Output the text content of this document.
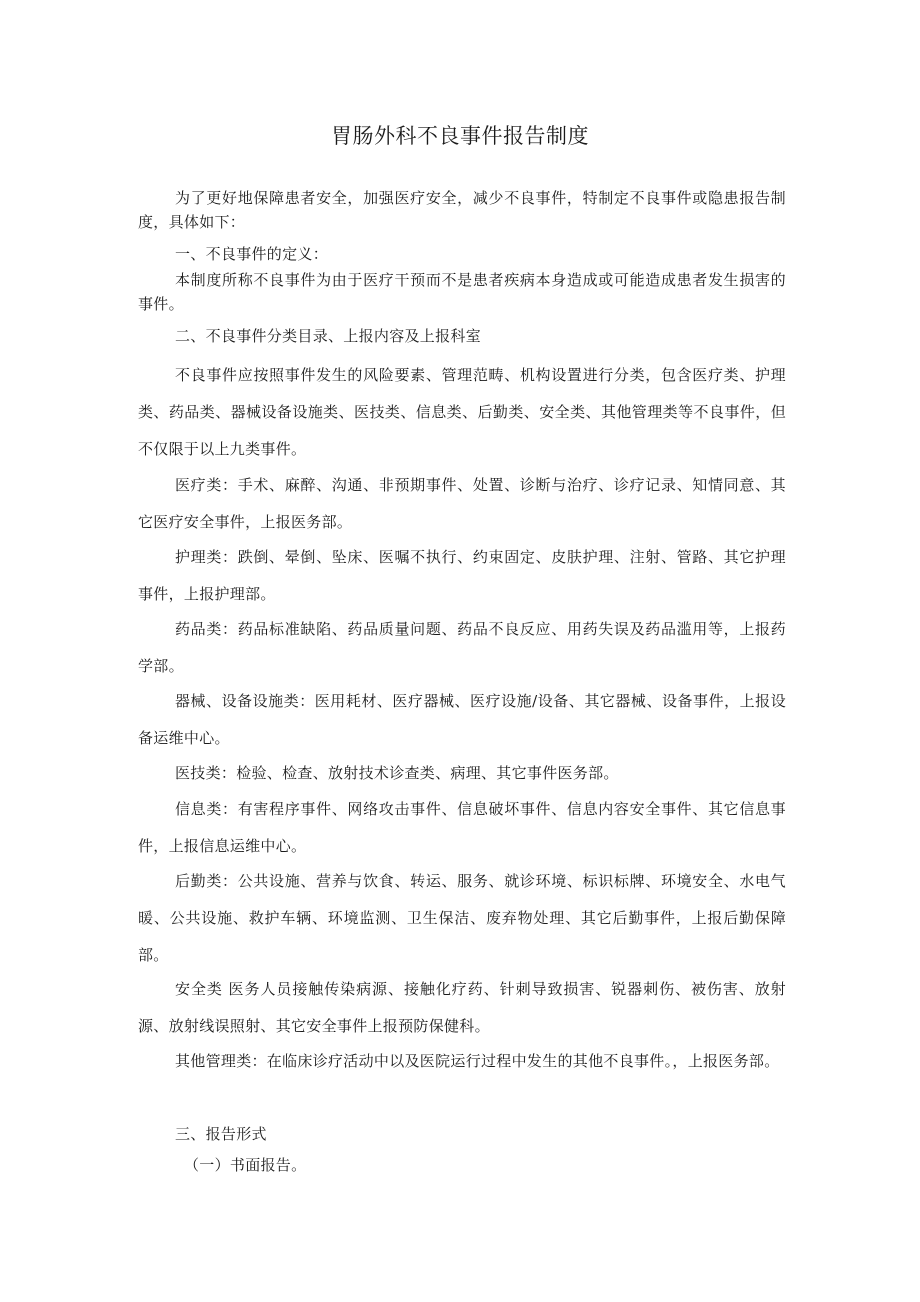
胃肠外科不良事件报告制度
为了更好地保障患者安全，加强医疗安全，减少不良事件，特制定不良事件或隐患报告制度，具体如下：
一、不良事件的定义：
本制度所称不良事件为由于医疗干预而不是患者疾病本身造成或可能造成患者发生损害的事件。
二、不良事件分类目录、上报内容及上报科室
不良事件应按照事件发生的风险要素、管理范畴、机构设置进行分类，包含医疗类、护理类、药品类、器械设备设施类、医技类、信息类、后勤类、安全类、其他管理类等不良事件，但不仅限于以上九类事件。
医疗类：手术、麻醉、沟通、非预期事件、处置、诊断与治疗、诊疗记录、知情同意、其它医疗安全事件，上报医务部。
护理类：跌倒、晕倒、坠床、医嘱不执行、约束固定、皮肤护理、注射、管路、其它护理事件，上报护理部。
药品类：药品标准缺陷、药品质量问题、药品不良反应、用药失误及药品滥用等，上报药学部。
器械、设备设施类：医用耗材、医疗器械、医疗设施/设备、其它器械、设备事件，上报设备运维中心。
医技类：检验、检查、放射技术诊查类、病理、其它事件医务部。
信息类：有害程序事件、网络攻击事件、信息破坏事件、信息内容安全事件、其它信息事件，上报信息运维中心。
后勤类：公共设施、营养与饮食、转运、服务、就诊环境、标识标牌、环境安全、水电气暖、公共设施、救护车辆、环境监测、卫生保洁、废弃物处理、其它后勤事件，上报后勤保障部。
安全类 医务人员接触传染病源、接触化疗药、针刺导致损害、锐器刺伤、被伤害、放射源、放射线误照射、其它安全事件上报预防保健科。
其他管理类：在临床诊疗活动中以及医院运行过程中发生的其他不良事件。，上报医务部。
三、报告形式
（一）书面报告。
